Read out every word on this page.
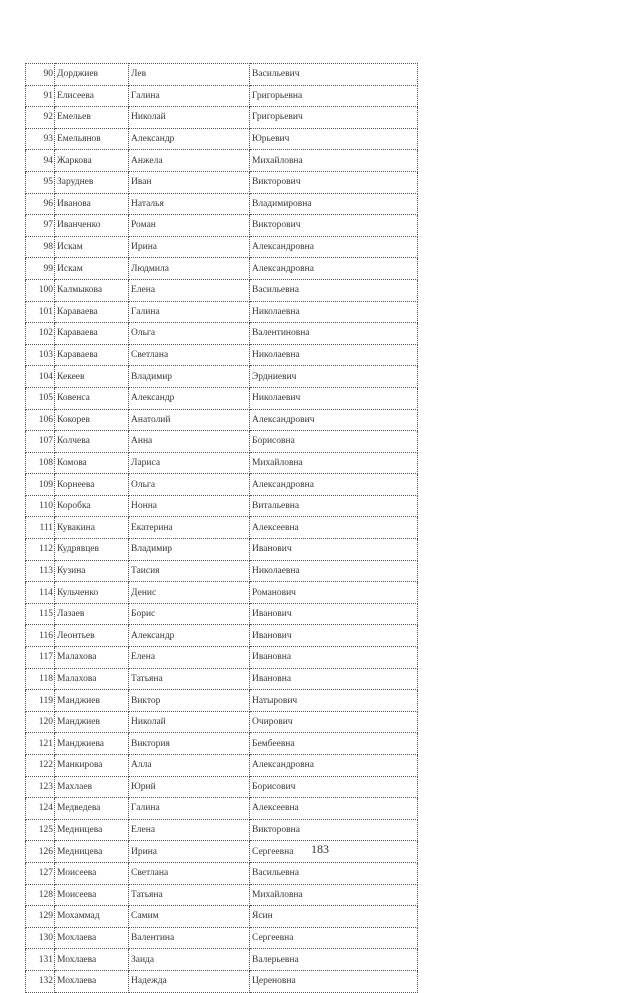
90	Дорджиев	Лев	Васильевич
91	Елисеева	Галина	Григорьевна
92	Емельев	Николай	Григорьевич
93	Емельянов	Александр	Юрьевич
94	Жаркова	Анжела	Михайловна
95	Заруднев	Иван	Викторович
96	Иванова	Наталья	Владимировна
97	Иванченко	Роман	Викторович
98	Искам	Ирина	Александровна
99	Искам	Людмила	Александровна
100	Калмыкова	Елена	Васильевна
101	Караваева	Галина	Николаевна
102	Караваева	Ольга	Валентиновна
103	Караваева	Светлана	Николаевна
104	Кекеев	Владимир	Эрдниевич
105	Ковенса	Александр	Николаевич
106	Кокорев	Анатолий	Александрович
107	Колчева	Анна	Борисовна
108	Комова	Лариса	Михайловна
109	Корнеева	Ольга	Александровна
110	Коробка	Нонна	Витальевна
111	Кувакина	Екатерина	Алексеевна
112	Кудрявцев	Владимир	Иванович
113	Кузина	Таисия	Николаевна
114	Кульченко	Денис	Романович
115	Лазаев	Борис	Иванович
116	Леонтьев	Александр	Иванович
117	Малахова	Елена	Ивановна
118	Малахова	Татьяна	Ивановна
119	Манджиев	Виктор	Натырович
120	Манджиев	Николай	Очирович
121	Манджиева	Виктория	Бембеевна
122	Манкирова	Алла	Александровна
123	Махлаев	Юрий	Борисович
124	Медведева	Галина	Алексеевна
125	Медницева	Елена	Викторовна
126	Медницева	Ирина	Сергеевна
127	Моисеева	Светлана	Васильевна
128	Моисеева	Татьяна	Михайловна
129	Мохаммад	Самим	Ясин
130	Мохлаева	Валентина	Сергеевна
131	Мохлаева	Заида	Валерьевна
132	Мохлаева	Надежда	Цереновна
183
